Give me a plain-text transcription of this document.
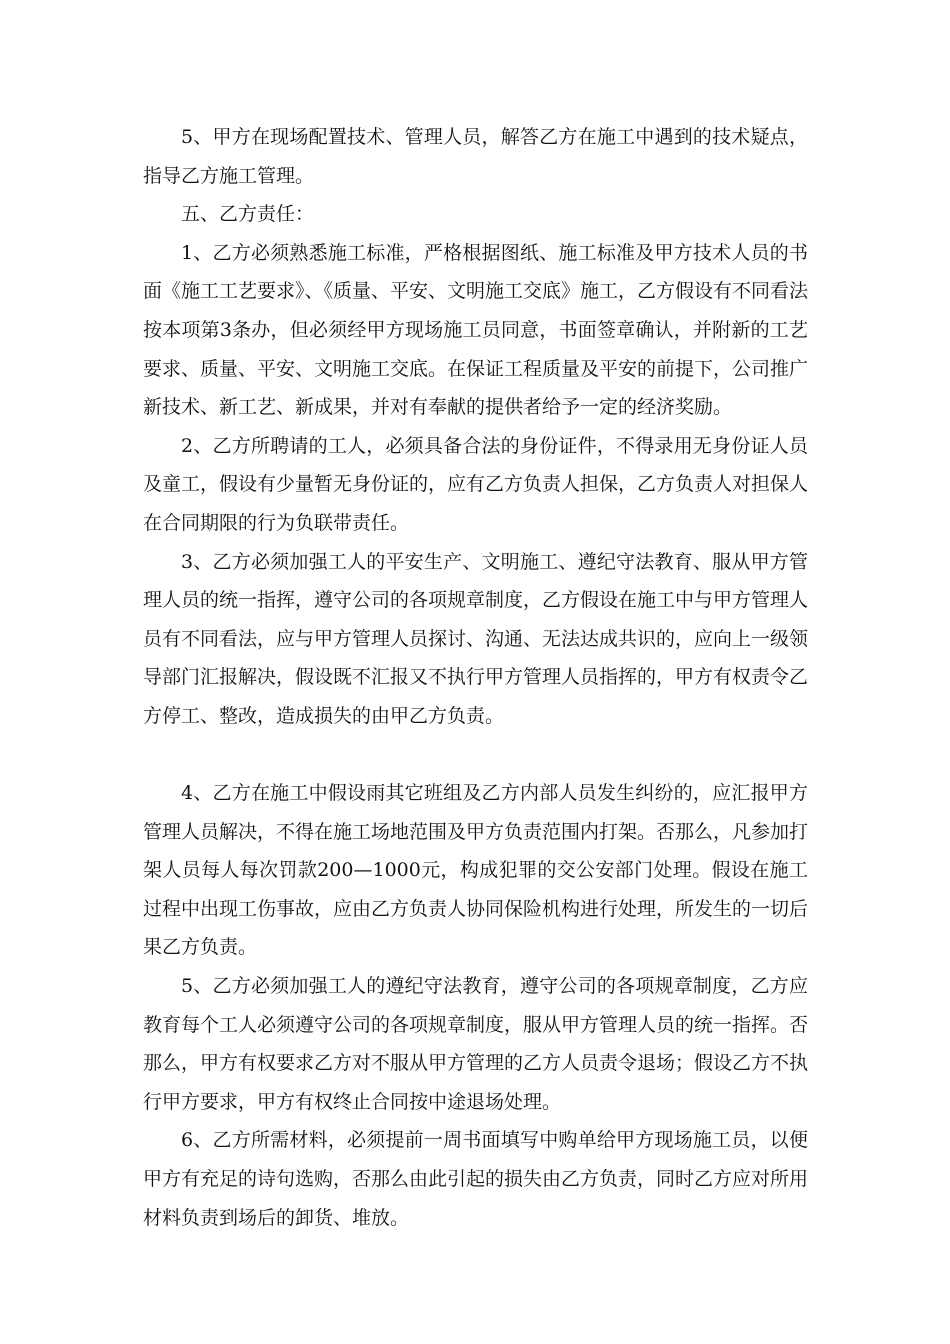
5、甲方在现场配置技术、管理人员，解答乙方在施工中遇到的技术疑点，指导乙方施工管理。

五、乙方责任：

1、乙方必须熟悉施工标准，严格根据图纸、施工标准及甲方技术人员的书面《施工工艺要求》、《质量、平安、文明施工交底》施工，乙方假设有不同看法按本项第3条办，但必须经甲方现场施工员同意，书面签章确认，并附新的工艺要求、质量、平安、文明施工交底。在保证工程质量及平安的前提下，公司推广新技术、新工艺、新成果，并对有奉献的提供者给予一定的经济奖励。

2、乙方所聘请的工人，必须具备合法的身份证件，不得录用无身份证人员及童工，假设有少量暂无身份证的，应有乙方负责人担保，乙方负责人对担保人在合同期限的行为负联带责任。

3、乙方必须加强工人的平安生产、文明施工、遵纪守法教育、服从甲方管理人员的统一指挥，遵守公司的各项规章制度，乙方假设在施工中与甲方管理人员有不同看法，应与甲方管理人员探讨、沟通、无法达成共识的，应向上一级领导部门汇报解决，假设既不汇报又不执行甲方管理人员指挥的，甲方有权责令乙方停工、整改，造成损失的由甲乙方负责。

4、乙方在施工中假设雨其它班组及乙方内部人员发生纠纷的，应汇报甲方管理人员解决，不得在施工场地范围及甲方负责范围内打架。否那么，凡参加打架人员每人每次罚款200—1000元，构成犯罪的交公安部门处理。假设在施工过程中出现工伤事故，应由乙方负责人协同保险机构进行处理，所发生的一切后果乙方负责。

5、乙方必须加强工人的遵纪守法教育，遵守公司的各项规章制度，乙方应教育每个工人必须遵守公司的各项规章制度，服从甲方管理人员的统一指挥。否那么，甲方有权要求乙方对不服从甲方管理的乙方人员责令退场；假设乙方不执行甲方要求，甲方有权终止合同按中途退场处理。

6、乙方所需材料，必须提前一周书面填写中购单给甲方现场施工员，以便甲方有充足的诗句选购，否那么由此引起的损失由乙方负责，同时乙方应对所用材料负责到场后的卸货、堆放。
